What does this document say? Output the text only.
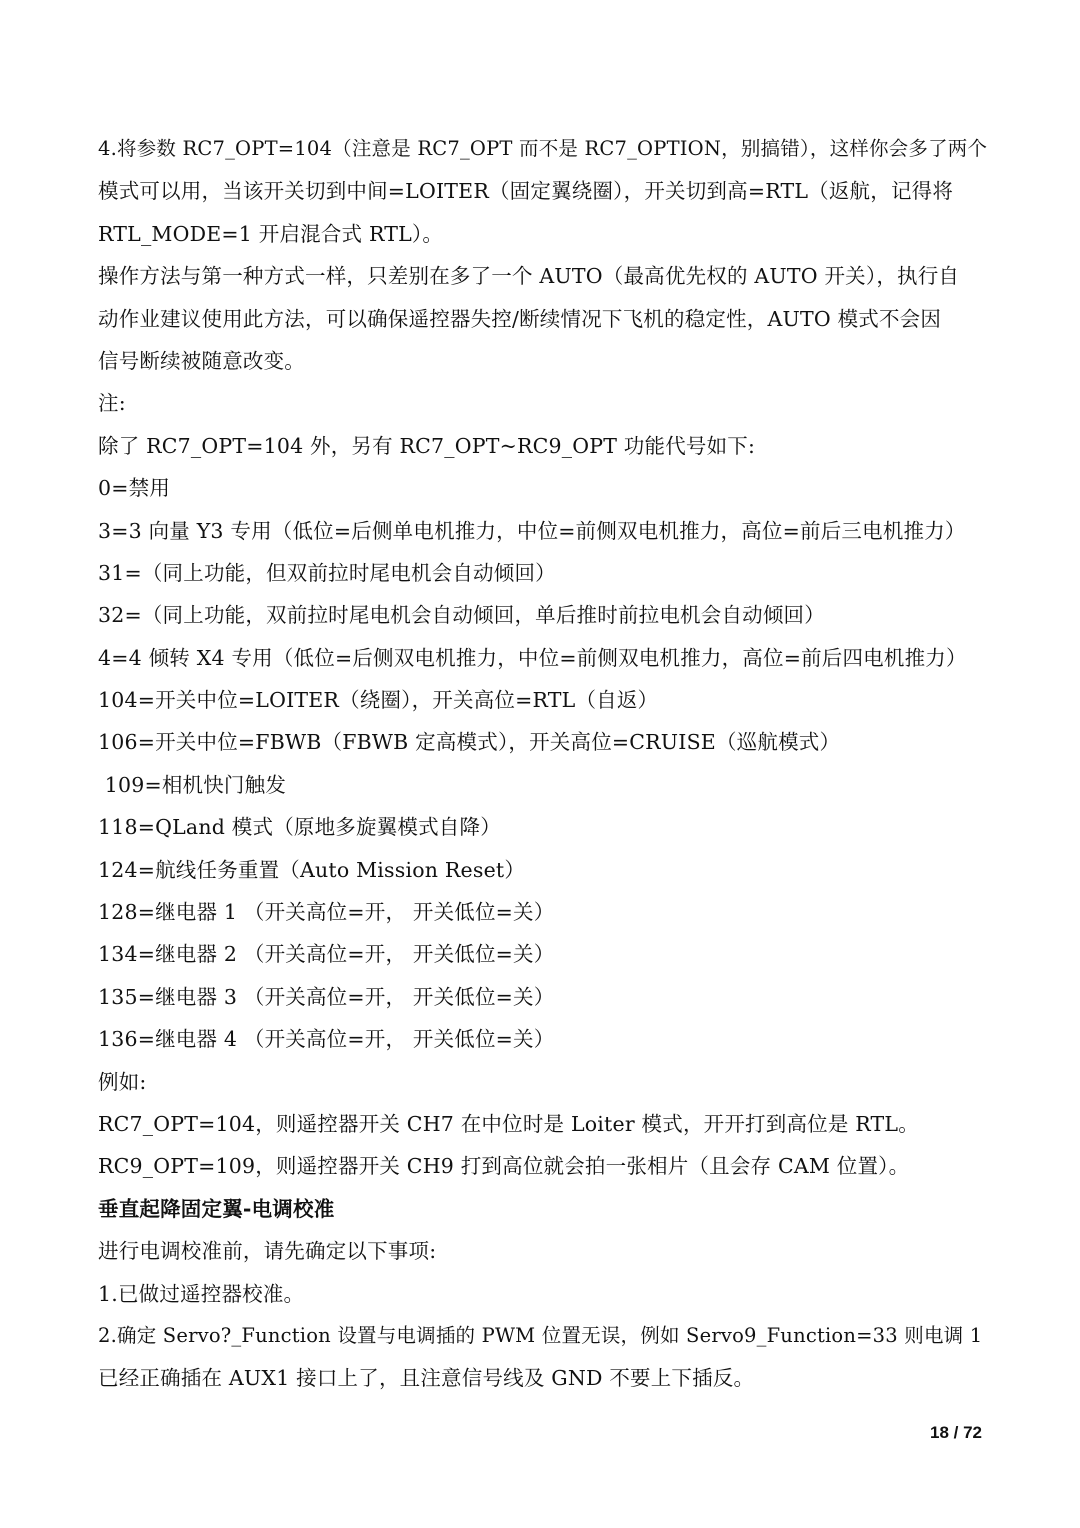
4.将参数 RC7_OPT=104（注意是 RC7_OPT 而不是 RC7_OPTION，别搞错），这样你会多了两个
模式可以用，当该开关切到中间=LOITER（固定翼绕圈），开关切到高=RTL（返航，记得将
RTL_MODE=1 开启混合式 RTL）。
操作方法与第一种方式一样，只差别在多了一个 AUTO（最高优先权的 AUTO 开关），执行自
动作业建议使用此方法，可以确保遥控器失控/断续情况下飞机的稳定性，AUTO 模式不会因
信号断续被随意改变。
注:
除了 RC7_OPT=104 外，另有 RC7_OPT~RC9_OPT 功能代号如下:
0=禁用
3=3 向量 Y3 专用（低位=后侧单电机推力，中位=前侧双电机推力，高位=前后三电机推力）
31=（同上功能，但双前拉时尾电机会自动倾回）
32=（同上功能，双前拉时尾电机会自动倾回，单后推时前拉电机会自动倾回）
4=4 倾转 X4 专用（低位=后侧双电机推力，中位=前侧双电机推力，高位=前后四电机推力）
104=开关中位=LOITER（绕圈），开关高位=RTL（自返）
106=开关中位=FBWB（FBWB 定高模式），开关高位=CRUISE（巡航模式）
109=相机快门触发
118=QLand 模式（原地多旋翼模式自降）
124=航线任务重置（Auto Mission Reset）
128=继电器 1 （开关高位=开， 开关低位=关）
134=继电器 2 （开关高位=开， 开关低位=关）
135=继电器 3 （开关高位=开， 开关低位=关）
136=继电器 4 （开关高位=开， 开关低位=关）
例如:
RC7_OPT=104，则遥控器开关 CH7 在中位时是 Loiter 模式，开开打到高位是 RTL。
RC9_OPT=109，则遥控器开关 CH9 打到高位就会拍一张相片（且会存 CAM 位置）。
垂直起降固定翼-电调校准
进行电调校准前，请先确定以下事项:
1.已做过遥控器校准。
2.确定 Servo?_Function 设置与电调插的 PWM 位置无误，例如 Servo9_Function=33 则电调 1
已经正确插在 AUX1 接口上了，且注意信号线及 GND 不要上下插反。
18 / 72
